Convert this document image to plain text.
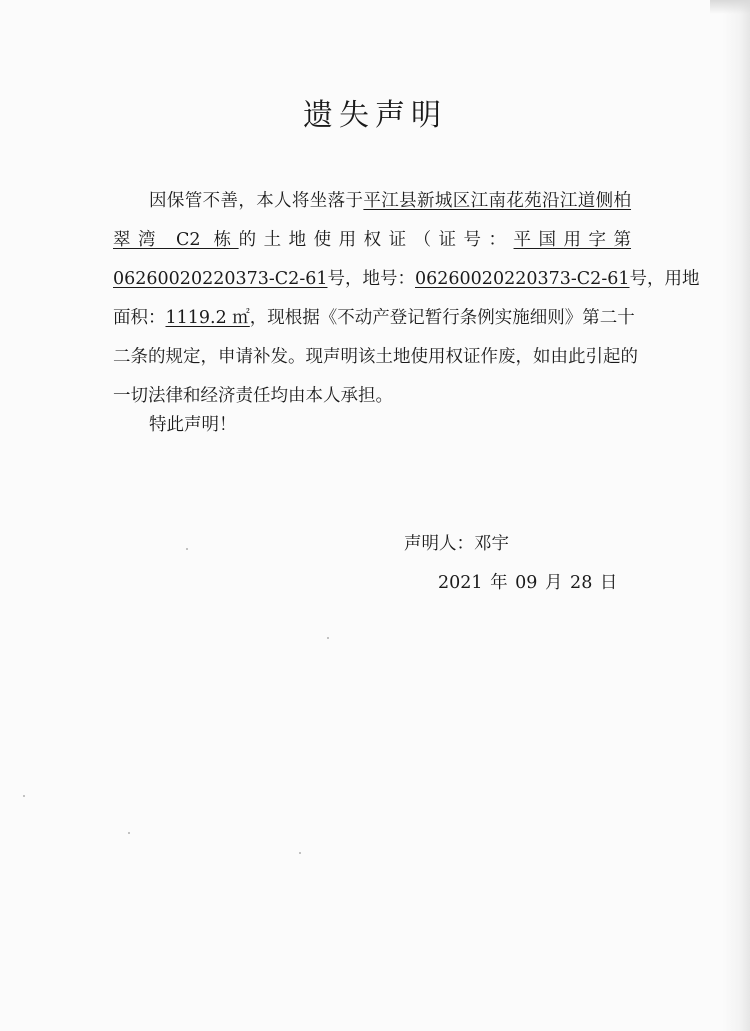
遗失声明
因保管不善，本人将坐落于平江县新城区江南花苑沿江道侧柏
翠湾 C2 栋的土地使用权证（证号：平国用字第
06260020220373-C2-61号，地号：06260020220373-C2-61号，用地
面积：1119.2 ㎡，现根据《不动产登记暂行条例实施细则》第二十
二条的规定，申请补发。现声明该土地使用权证作废，如由此引起的
一切法律和经济责任均由本人承担。
特此声明！
声明人：邓宇
2021 年 09 月 28 日
